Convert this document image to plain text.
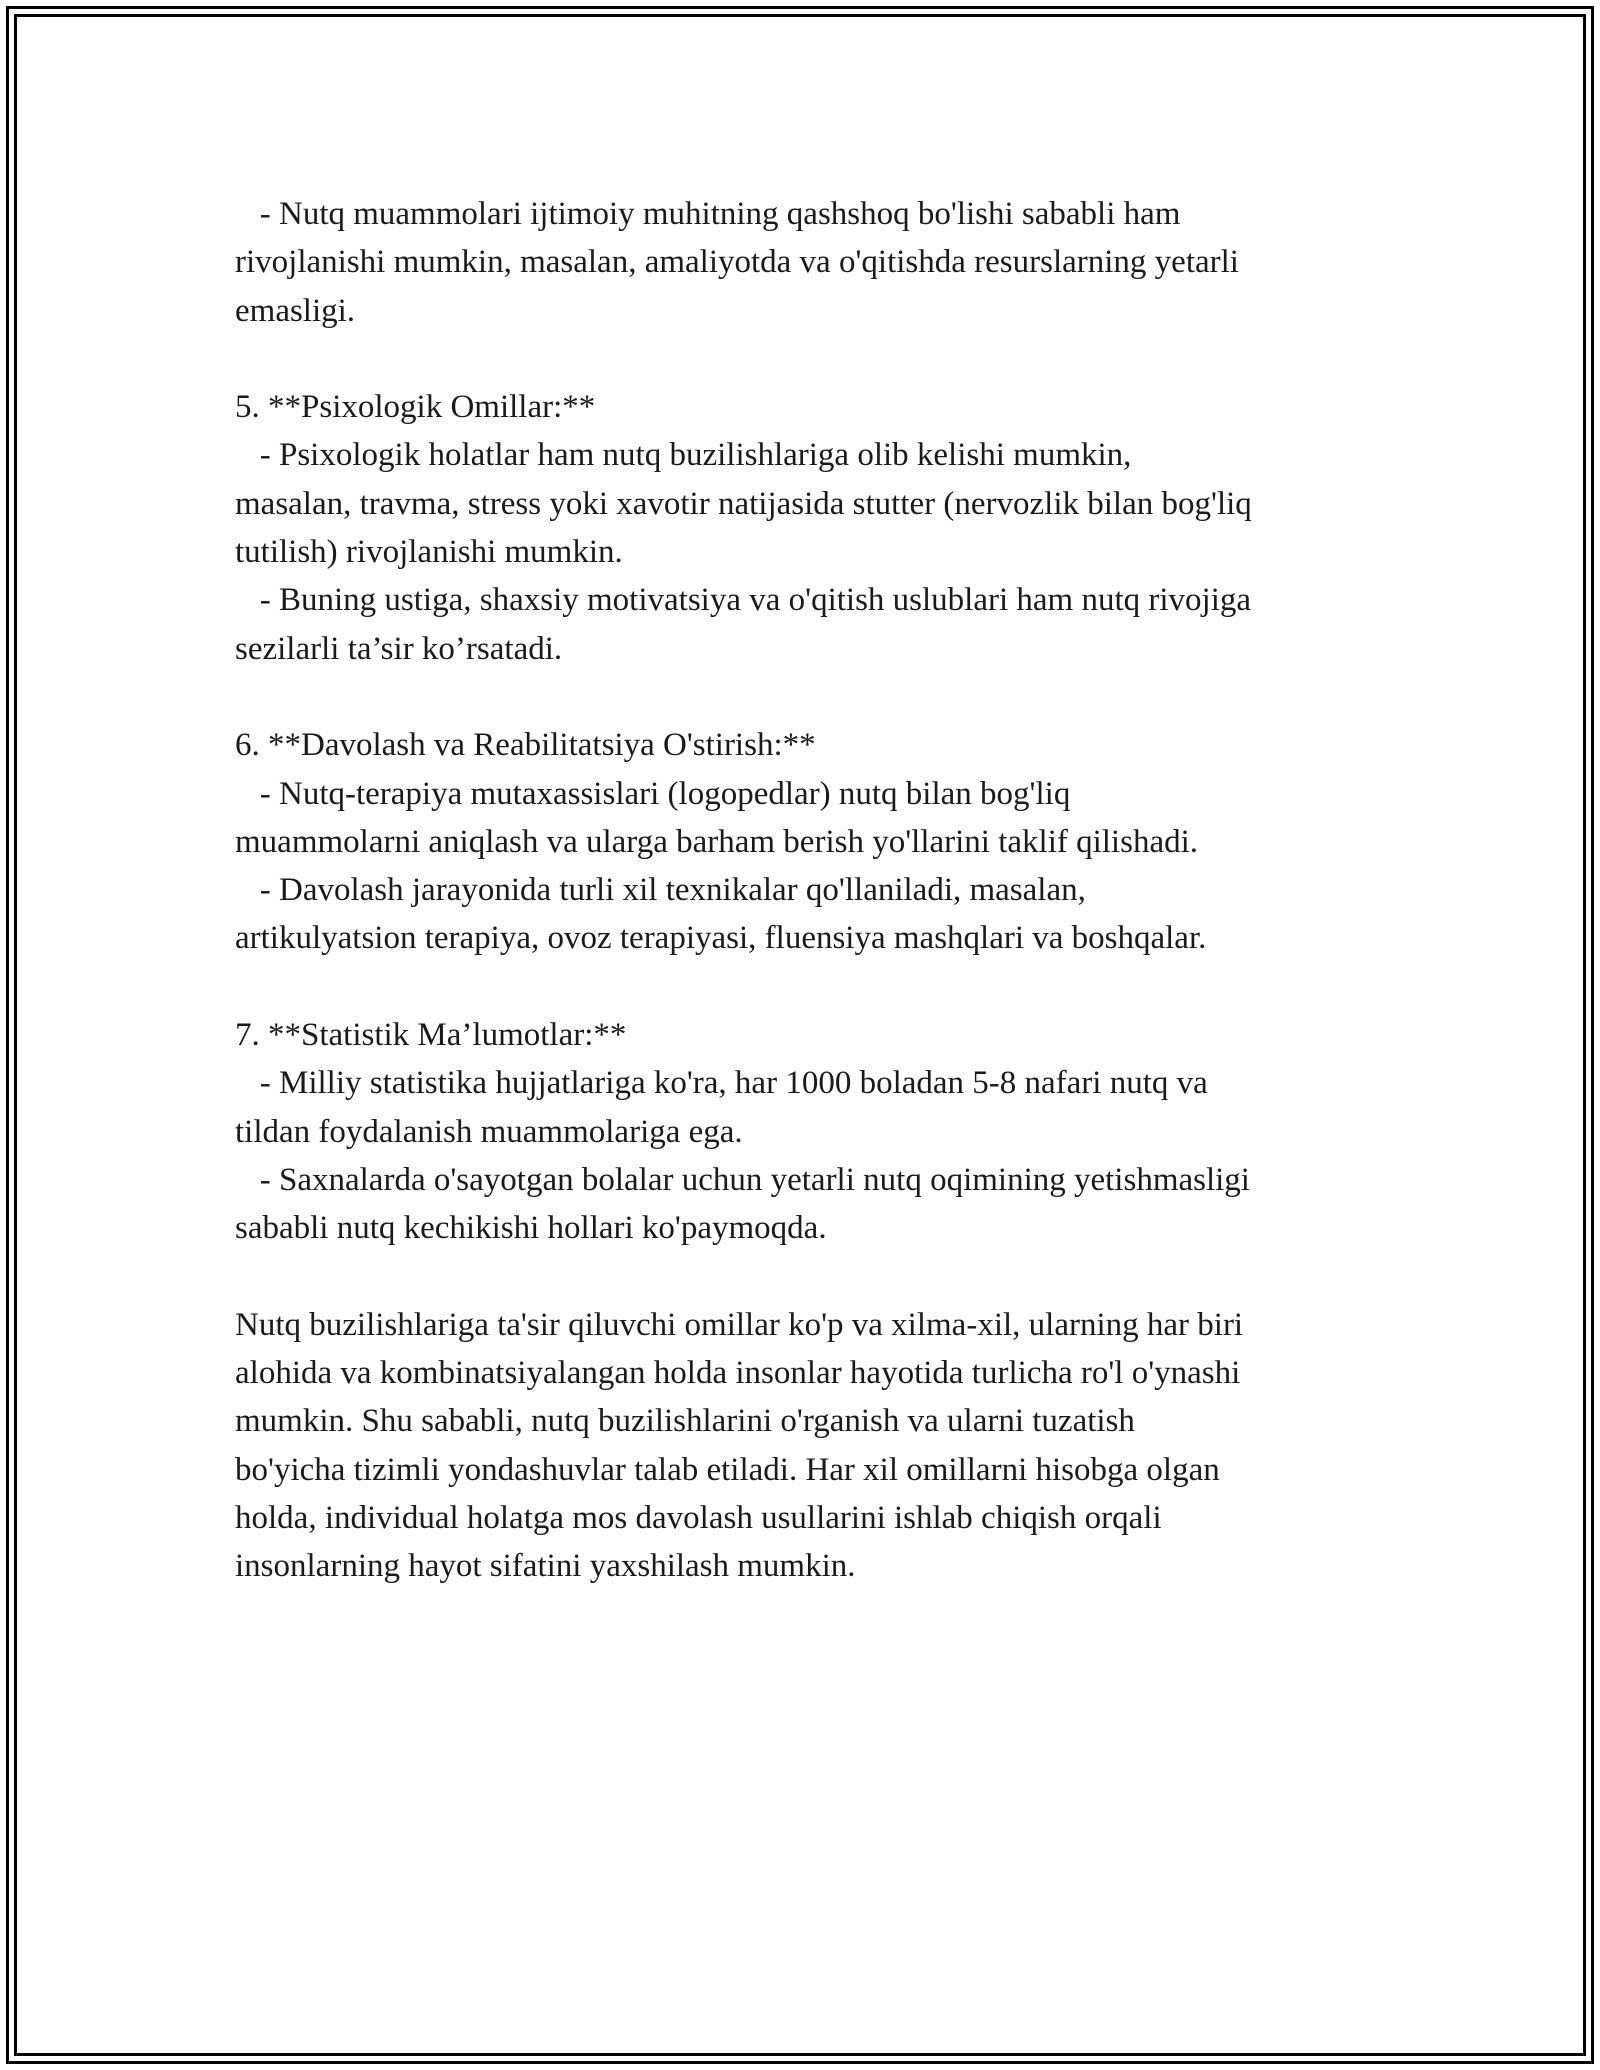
- Nutq muammolari ijtimoiy muhitning qashshoq bo'lishi sababli ham
rivojlanishi mumkin, masalan, amaliyotda va o'qitishda resurslarning yetarli
emasligi.
5. **Psixologik Omillar:**
- Psixologik holatlar ham nutq buzilishlariga olib kelishi mumkin,
masalan, travma, stress yoki xavotir natijasida stutter (nervozlik bilan bog'liq
tutilish) rivojlanishi mumkin.
- Buning ustiga, shaxsiy motivatsiya va o'qitish uslublari ham nutq rivojiga
sezilarli ta’sir ko’rsatadi.
6. **Davolash va Reabilitatsiya O'stirish:**
- Nutq-terapiya mutaxassislari (logopedlar) nutq bilan bog'liq
muammolarni aniqlash va ularga barham berish yo'llarini taklif qilishadi.
- Davolash jarayonida turli xil texnikalar qo'llaniladi, masalan,
artikulyatsion terapiya, ovoz terapiyasi, fluensiya mashqlari va boshqalar.
7. **Statistik Ma’lumotlar:**
- Milliy statistika hujjatlariga ko'ra, har 1000 boladan 5-8 nafari nutq va
tildan foydalanish muammolariga ega.
- Saxnalarda o'sayotgan bolalar uchun yetarli nutq oqimining yetishmasligi
sababli nutq kechikishi hollari ko'paymoqda.
Nutq buzilishlariga ta'sir qiluvchi omillar ko'p va xilma-xil, ularning har biri
alohida va kombinatsiyalangan holda insonlar hayotida turlicha ro'l o'ynashi
mumkin. Shu sababli, nutq buzilishlarini o'rganish va ularni tuzatish
bo'yicha tizimli yondashuvlar talab etiladi. Har xil omillarni hisobga olgan
holda, individual holatga mos davolash usullarini ishlab chiqish orqali
insonlarning hayot sifatini yaxshilash mumkin.
